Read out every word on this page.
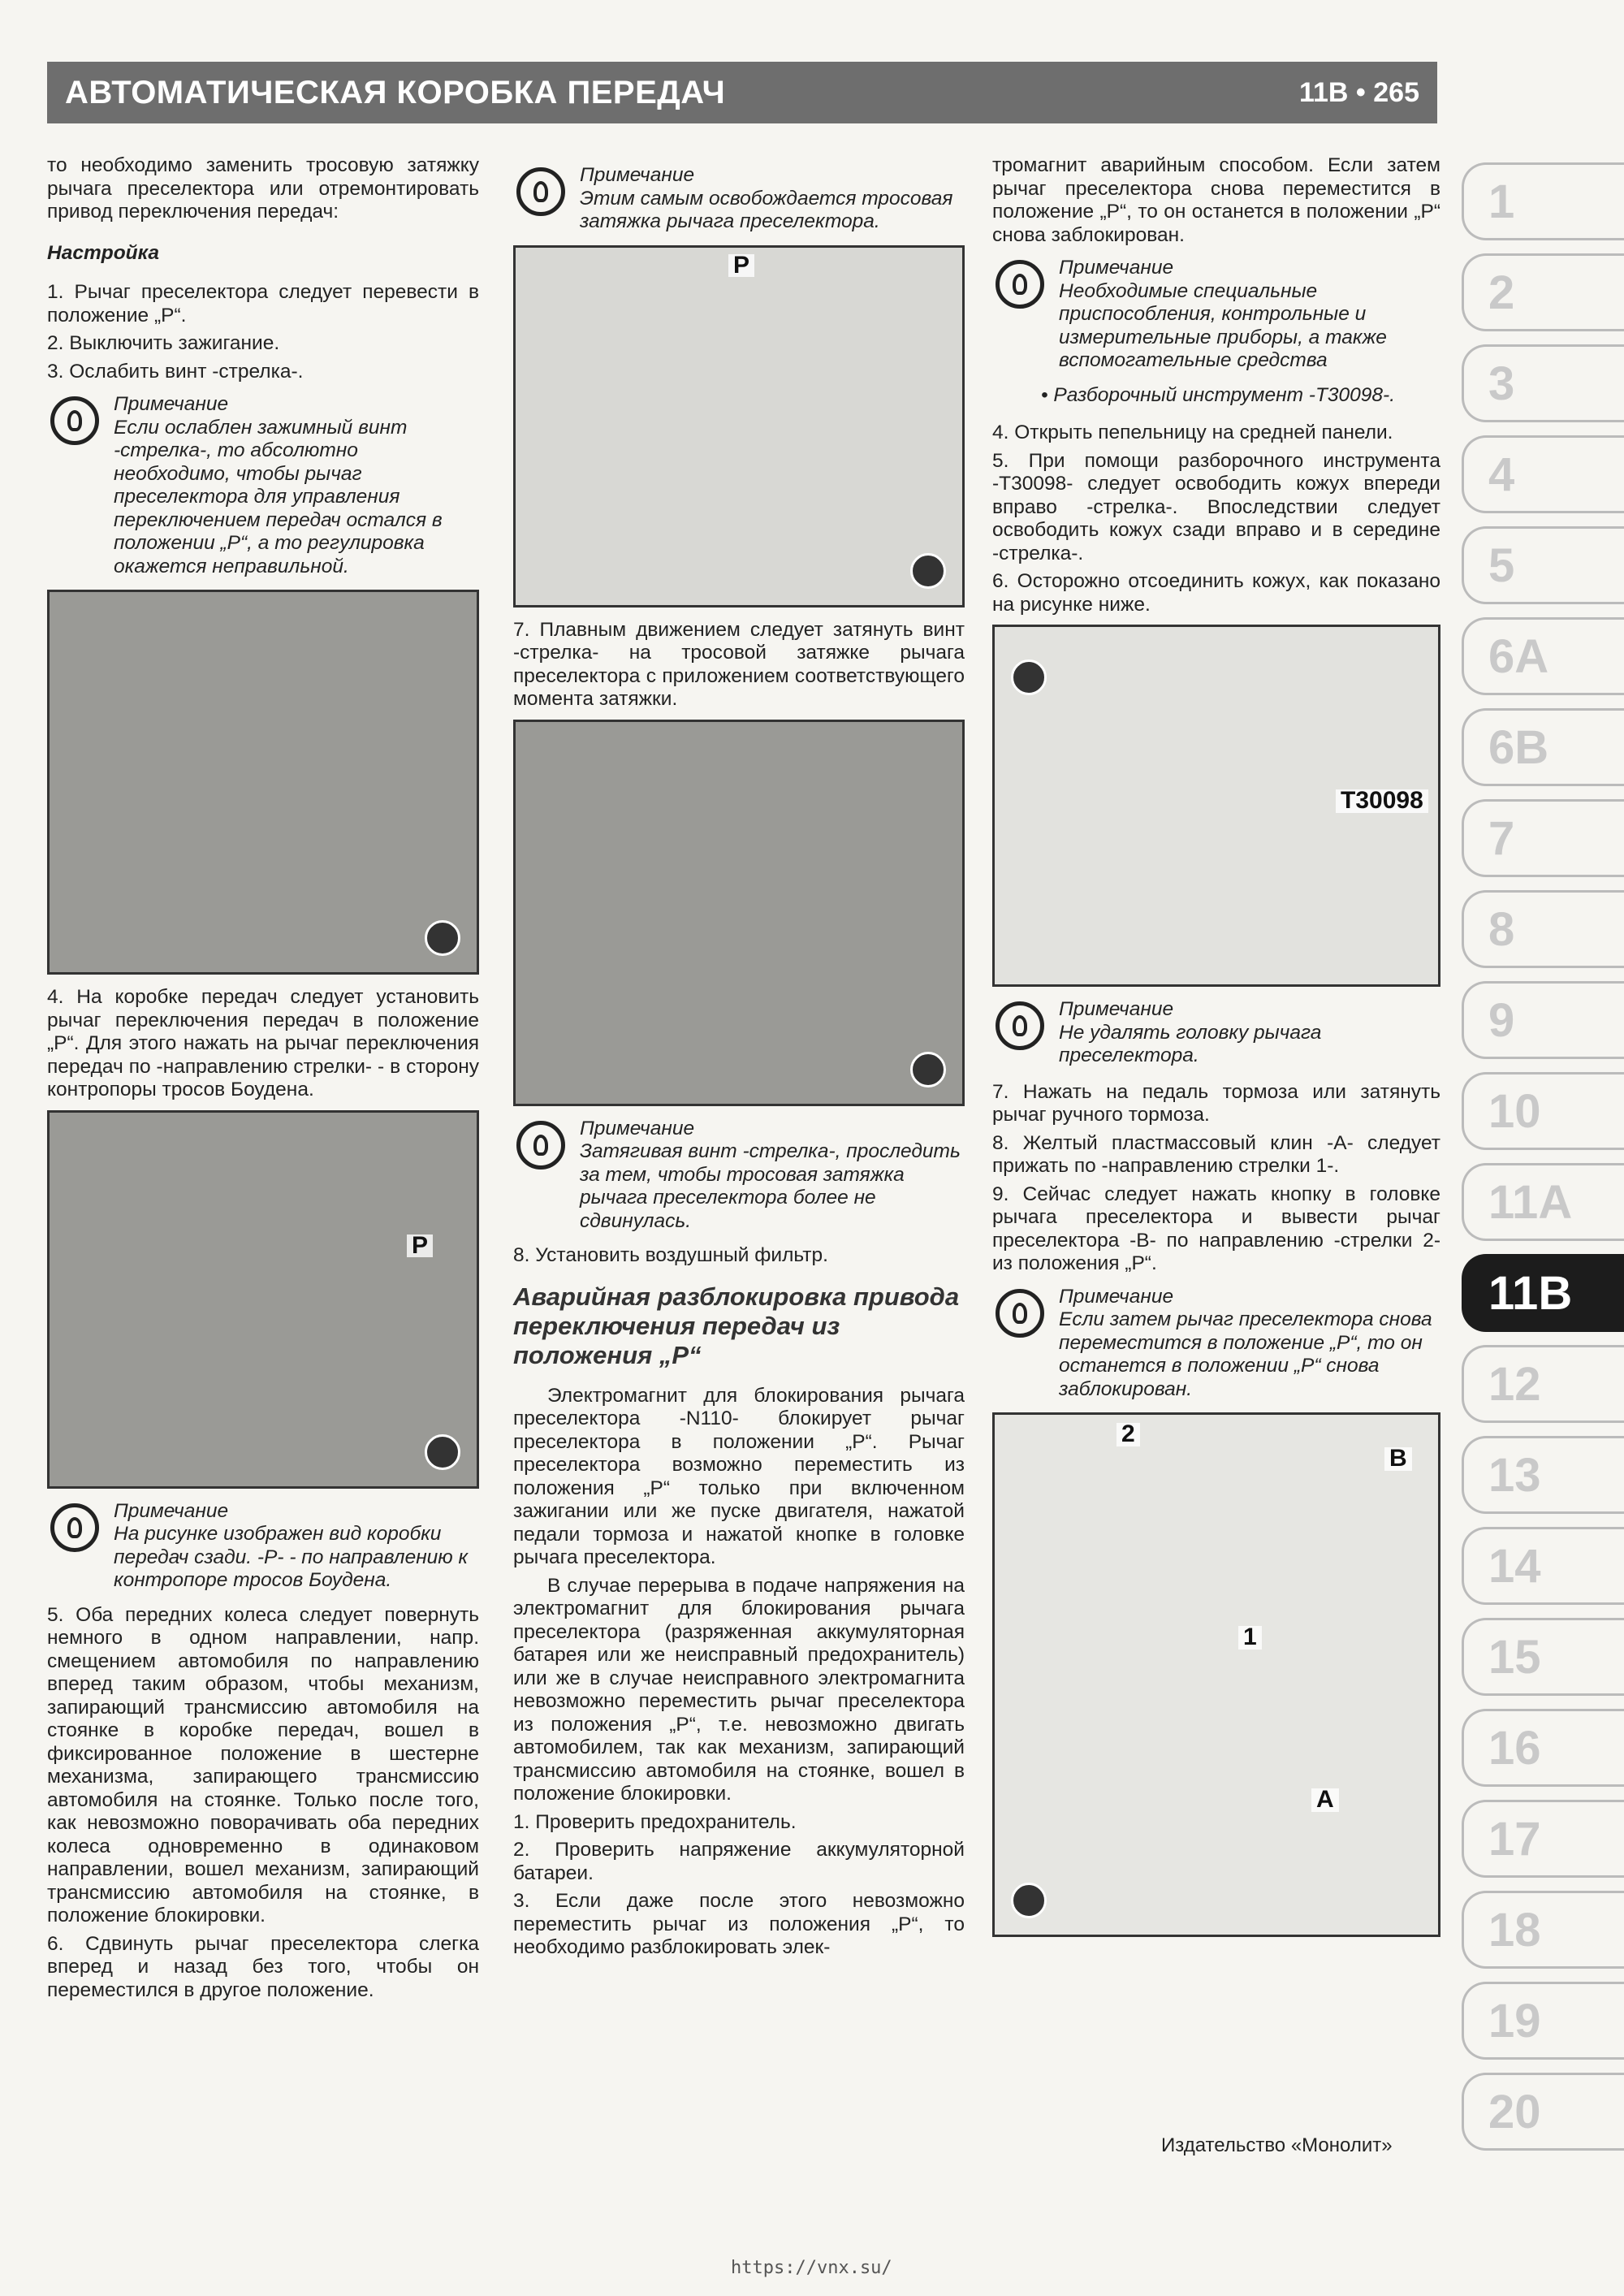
АВТОМАТИЧЕСКАЯ КОРОБКА ПЕРЕДАЧ	11В • 265

то необходимо заменить тросовую затяжку рычага преселектора или отремонтировать привод переключения передач:

Настройка

1. Рычаг преселектора следует перевести в положение „Р“.

2. Выключить зажигание.

3. Ослабить винт -стрелка-.

Примечание
Если ослаблен зажимный винт -стрелка-, то абсолютно необходимо, чтобы рычаг преселектора для управления переключением передач остался в положении „Р“, а то регулировка окажется неправильной.

4. На коробке передач следует установить рычаг переключения передач в положение „Р“. Для этого нажать на рычаг переключения передач по -направлению стрелки- - в сторону контропоры тросов Боудена.

P
Примечание
На рисунке изображен вид коробки передач сзади. -Р- - по направлению к контропоре тросов Боудена.

5. Оба передних колеса следует повернуть немного в одном направлении, напр. смещением автомобиля по направлению вперед таким образом, чтобы механизм, запирающий трансмиссию автомобиля на стоянке в коробке передач, вошел в фиксированное положение в шестерне механизма, запирающего трансмиссию автомобиля на стоянке. Только после того, как невозможно поворачивать оба передних колеса одновременно в одинаковом направлении, вошел механизм, запирающий трансмиссию автомобиля на стоянке, в положение блокировки.

6. Сдвинуть рычаг преселектора слегка вперед и назад без того, чтобы он переместился в другое положение.

Примечание
Этим самым освобождается тросовая затяжка рычага преселектора.
P

7. Плавным движением следует затянуть винт -стрелка- на тросовой затяжке рычага преселектора с приложением соответствующего момента затяжки.

Примечание
Затягивая винт -стрелка-, проследить за тем, чтобы тросовая затяжка рычага преселектора более не сдвинулась.

8. Установить воздушный фильтр.

Аварийная разблокировка привода переключения передач из положения „Р“

Электромагнит для блокирования рычага преселектора -N110- блокирует рычаг преселектора в положении „Р“. Рычаг преселектора возможно переместить из положения „Р“ только при включенном зажигании или же пуске двигателя, нажатой педали тормоза и нажатой кнопке в головке рычага преселектора.

В случае перерыва в подаче напряжения на электромагнит для блокирования рычага преселектора (разряженная аккумуляторная батарея или же неисправный предохранитель) или же в случае неисправного электромагнита невозможно переместить рычаг преселектора из положения „Р“, т.е. невозможно двигать автомобилем, так как механизм, запирающий трансмиссию автомобиля на стоянке, вошел в положение блокировки.

1. Проверить предохранитель.

2. Проверить напряжение аккумуляторной батареи.

3. Если даже после этого невозможно переместить рычаг из положения „Р“, то необходимо разблокировать элек-

тромагнит аварийным способом. Если затем рычаг преселектора снова переместится в положение „Р“, то он останется в положении „Р“ снова заблокирован.

Примечание
Необходимые специальные приспособления, контрольные и измерительные приборы, а также вспомогательные средства

• Разборочный инструмент -Т30098-.

4. Открыть пепельницу на средней панели.

5. При помощи разборочного инструмента -Т30098- следует освободить кожух впереди вправо -стрелка-. Впоследствии следует освободить кожух сзади вправо и в середине -стрелка-.

6. Осторожно отсоединить кожух, как показано на рисунке ниже.

T30098
Примечание
Не удалять головку рычага преселектора.

7. Нажать на педаль тормоза или затянуть рычаг ручного тормоза.

8. Желтый пластмассовый клин -А- следует прижать по -направлению стрелки 1-.

9. Сейчас следует нажать кнопку в головке рычага преселектора и вывести рычаг преселектора -В- по направлению -стрелки 2- из положения „Р“.

Примечание
Если затем рычаг преселектора снова переместится в положение „Р“, то он останется в положении „Р“ снова заблокирован.
2
B
1
A
1
2
3
4
5
6A
6B
7
8
9
10
11A
11B
12
13
14
15
16
17
18
19
20
Издательство «Монолит»
https://vnx.su/
